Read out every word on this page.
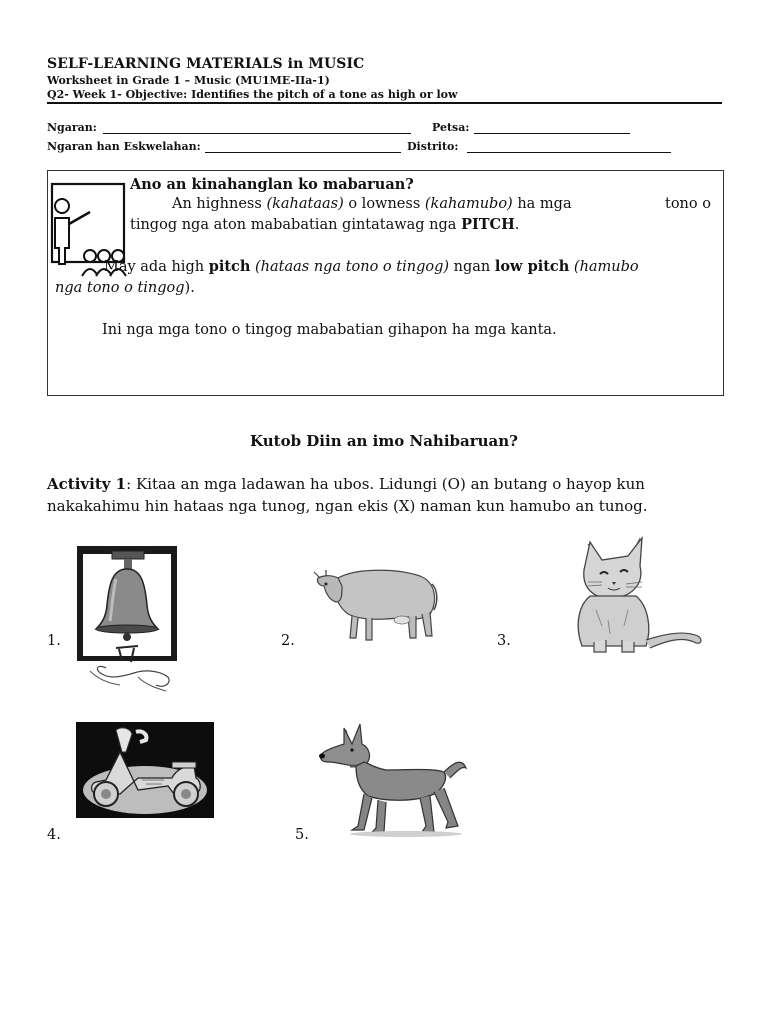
SELF-LEARNING MATERIALS in MUSIC
Worksheet in Grade 1 – Music (MU1ME-IIa-1)
Q2- Week 1- Objective: Identifies the pitch of a tone as high or low
Ngaran:	Petsa:
Ngaran han Eskwelahan:	Distrito:
Ano an kinahanglan ko mabaruan?
An highness (kahataas) o lowness (kahamubo) ha mga	tono o
tingog nga aton mababatian gintatawag nga PITCH.
May ada high pitch (hataas nga tono o tingog) ngan low pitch (hamubo
nga tono o tingog).
Ini nga mga tono o tingog mababatian gihapon ha mga kanta.
Kutob Diin an imo Nahibaruan?
Activity 1: Kitaa an mga ladawan ha ubos. Lidungi (O) an butang o hayop kun nakakahimu hin hataas nga tunog, ngan ekis (X) naman kun hamubo an tunog.
1.	2.	3.
4.	5.
